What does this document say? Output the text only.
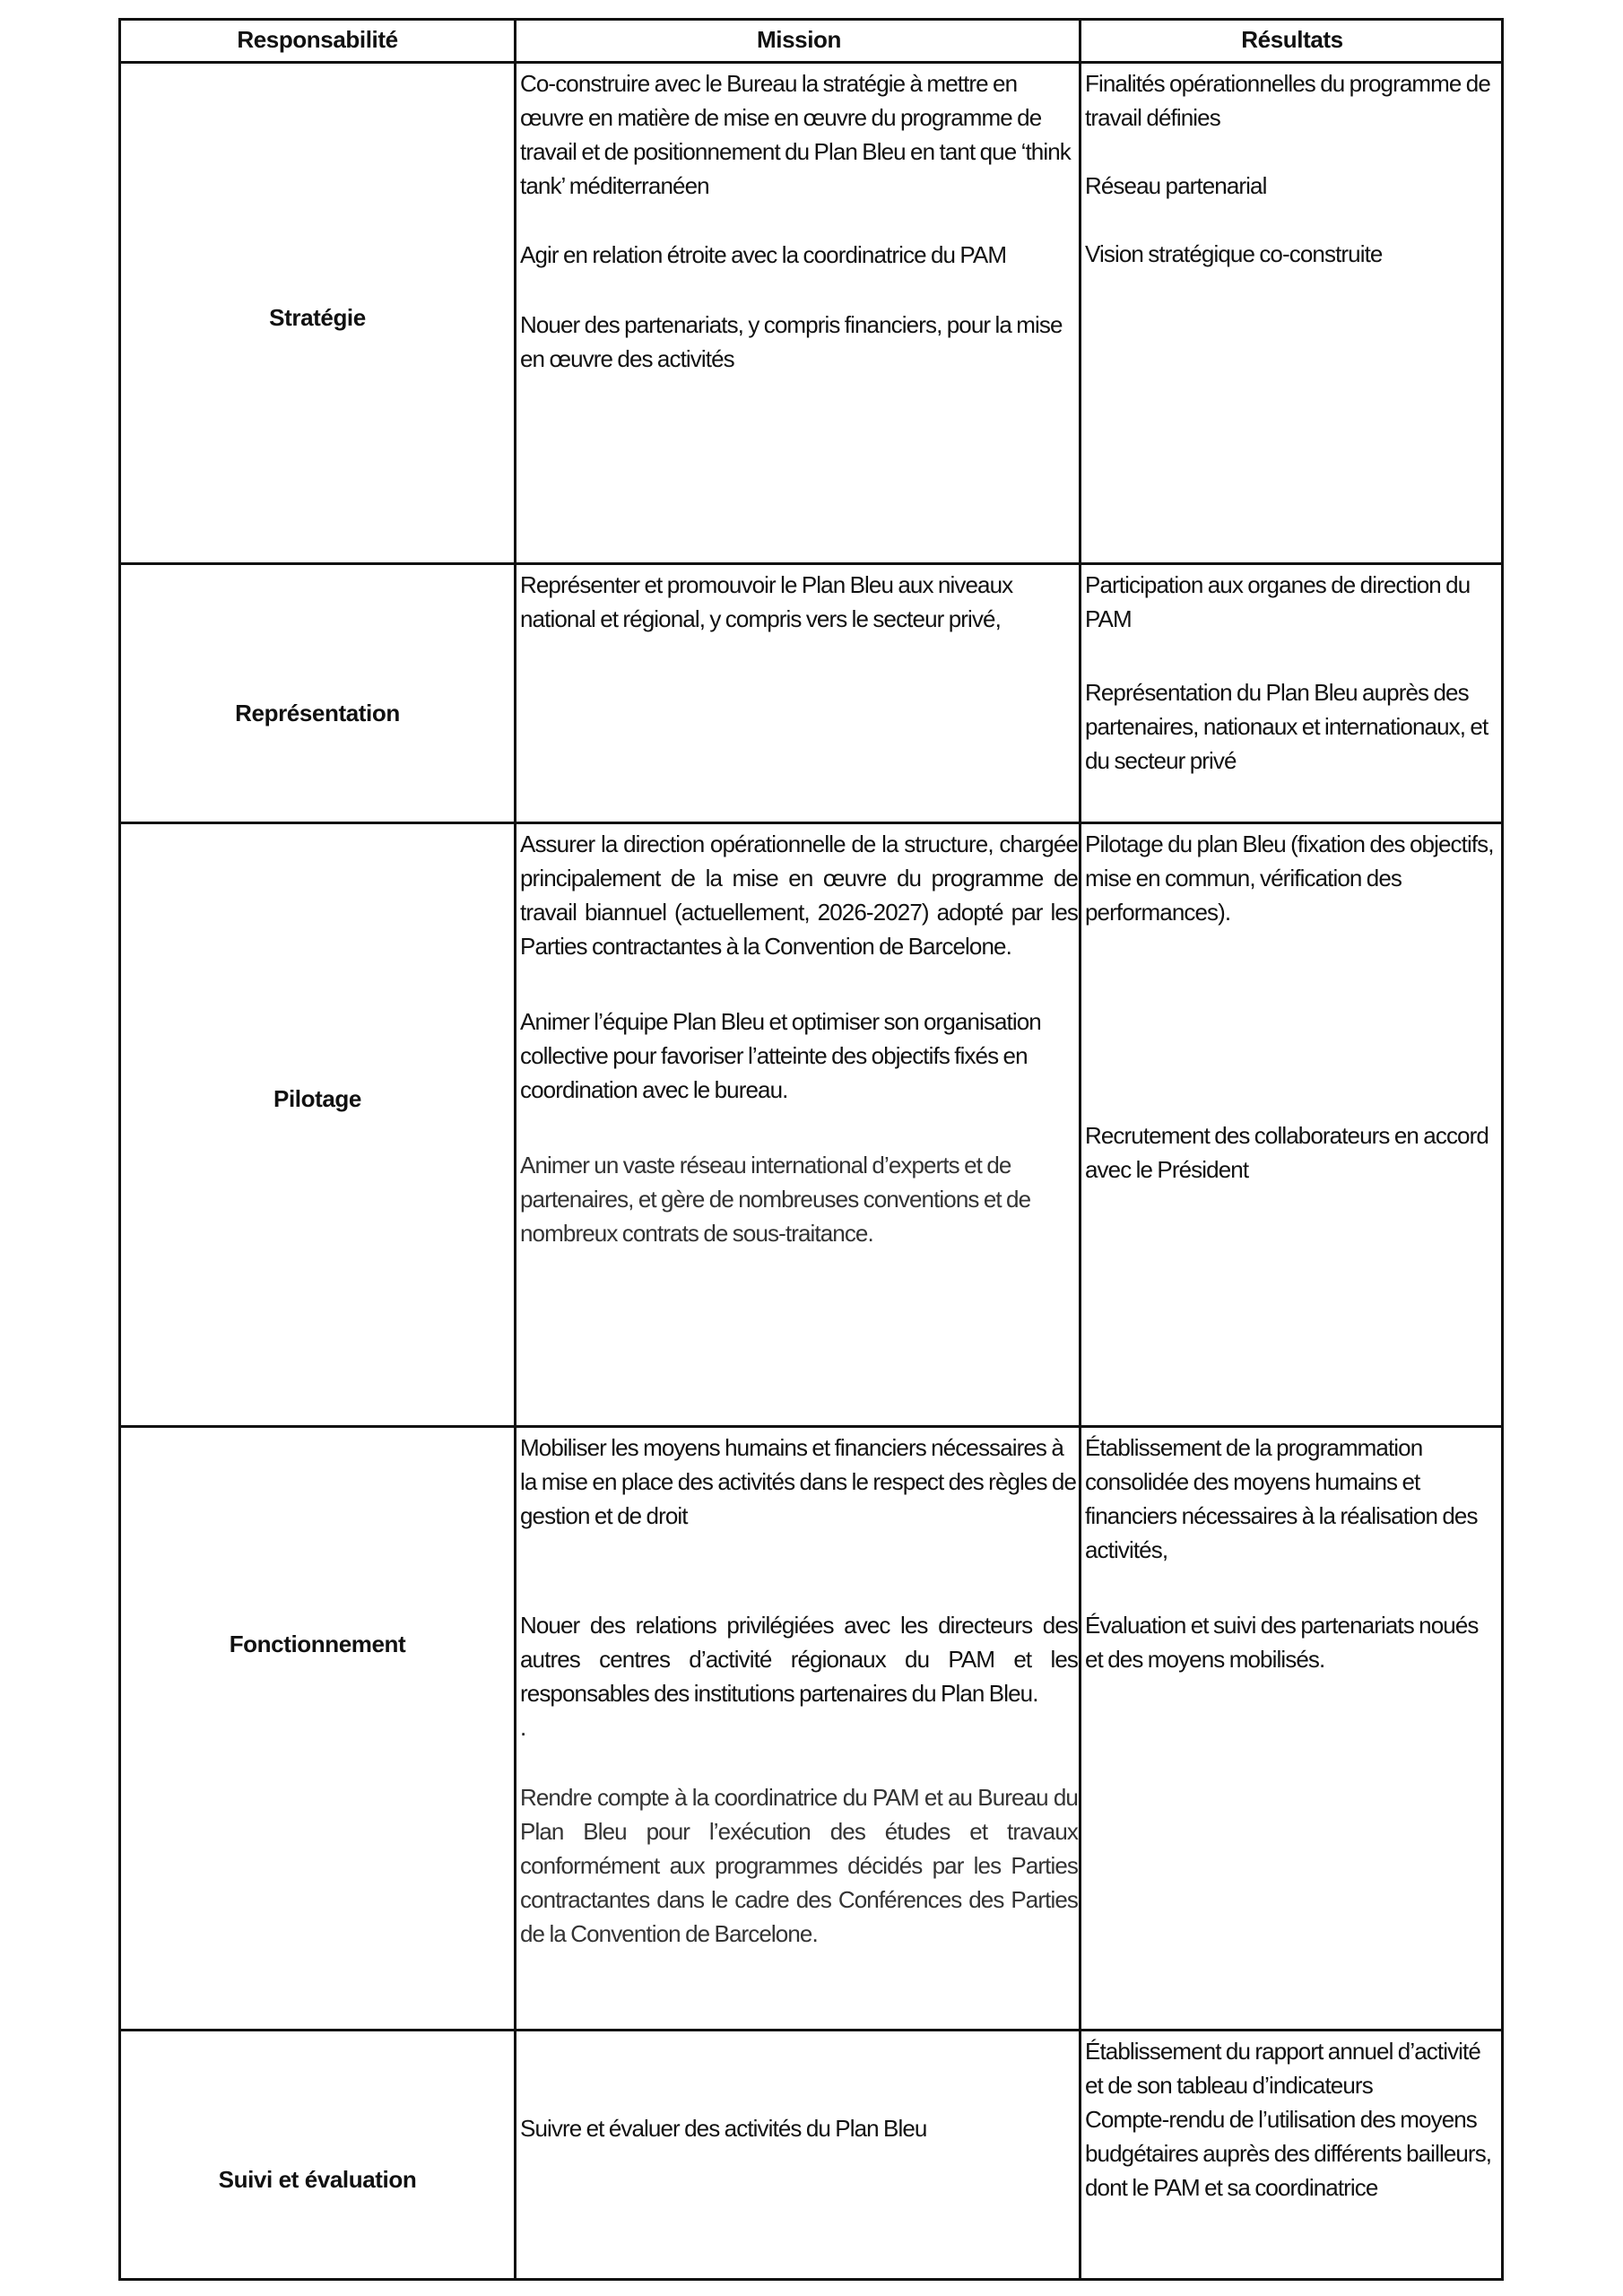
Responsabilité	Mission	Résultats
Stratégie

Co-construire avec le Bureau la stratégie à mettre en œuvre en matière de mise en œuvre du programme de travail et de positionnement du Plan Bleu en tant que ‘think tank’ méditerranéen

Agir en relation étroite avec la coordinatrice du PAM

Nouer des partenariats, y compris financiers, pour la mise en œuvre des activités

Finalités opérationnelles du programme de travail définies

Réseau partenarial

Vision stratégique co-construite

Représentation

Représenter et promouvoir le Plan Bleu aux niveaux national et régional, y compris vers le secteur privé,

Participation aux organes de direction du PAM

Représentation du Plan Bleu auprès des partenaires, nationaux et internationaux, et du secteur privé

Pilotage

Assurer la direction opérationnelle de la structure, chargée principalement de la mise en œuvre du programme de travail biannuel (actuellement, 2026-2027) adopté par les Parties contractantes à la Convention de Barcelone.

Animer l’équipe Plan Bleu et optimiser son organisation collective pour favoriser l’atteinte des objectifs fixés en coordination avec le bureau.

Animer un vaste réseau international d’experts et de partenaires, et gère de nombreuses conventions et de nombreux contrats de sous-traitance.

Pilotage du plan Bleu (fixation des objectifs, mise en commun, vérification des performances).

Recrutement des collaborateurs en accord avec le Président

Fonctionnement

Mobiliser les moyens humains et financiers nécessaires à la mise en place des activités dans le respect des règles de gestion et de droit

Nouer des relations privilégiées avec les directeurs des autres centres d’activité régionaux du PAM et les responsables des institutions partenaires du Plan Bleu.

.

Rendre compte à la coordinatrice du PAM et au Bureau du Plan Bleu pour l’exécution des études et travaux conformément aux programmes décidés par les Parties contractantes dans le cadre des Conférences des Parties de la Convention de Barcelone.

Établissement de la programmation consolidée des moyens humains et financiers nécessaires à la réalisation des activités,

Évaluation et suivi des partenariats noués et des moyens mobilisés.

Suivi et évaluation

Suivre et évaluer des activités du Plan Bleu

Établissement du rapport annuel d’activité et de son tableau d’indicateurs

Compte-rendu de l’utilisation des moyens budgétaires auprès des différents bailleurs, dont le PAM et sa coordinatrice
